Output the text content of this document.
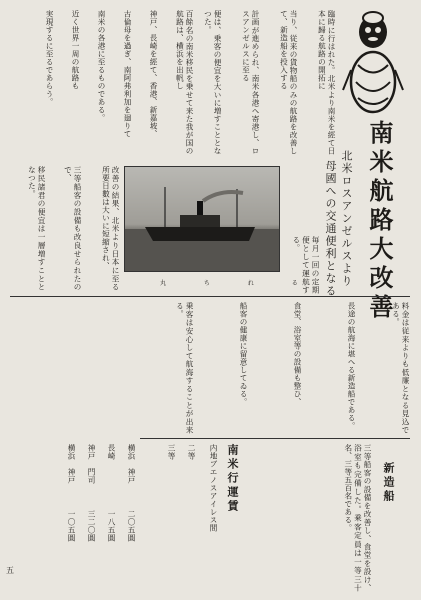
南米航路大改善
北米ロスアンゼルスより
母國への交通便利となる
臨時に行はれた。北米より南米を經て日本に歸る航路の開拓に
当り、従来の貨物船のみの航路を改善して、新造船を投入する
計画が進められ、南米各港へ寄港し、ロスアンゼルスに至る
便は、乗客の便宜を大いに増すこととなつた。
百餘名の南米移民を乗せて来た我が国の航路は、横浜を出帆し
神戸、長崎を經て、香港、新嘉坡、
古倫母を過ぎ、南阿弗利加を廻りて
南米の各港に至るものである。
近く世界一周の航路も
実現するに至るであらう。
丸 ち れ る
改善の結果、北米より日本に至る所要日數は大いに短縮され、
三等船客の設備も改良せられたので、
移民諸君の便宜は一層増すこととなつた。
毎月一回の定期便として運航する。
料金は従来よりも低廉となる見込である。
長途の航海に堪へる新造船である。
食堂、浴室等の設備も整ひ、
船客の健康に留意してゐる。
乗客は安心して航海することが出来る。
新造船
三等船客の設備を改善し、食堂を設け、浴室も完備した。乗客定員は一等三十名、三等五百名である。
南米行運賃
内地ブエノスアイレス間
二等
三等
横浜　神戸
長崎
神戸　門司
横浜　神戸
二〇五圓
一八五圓
三二〇圓
一〇五圓
五
